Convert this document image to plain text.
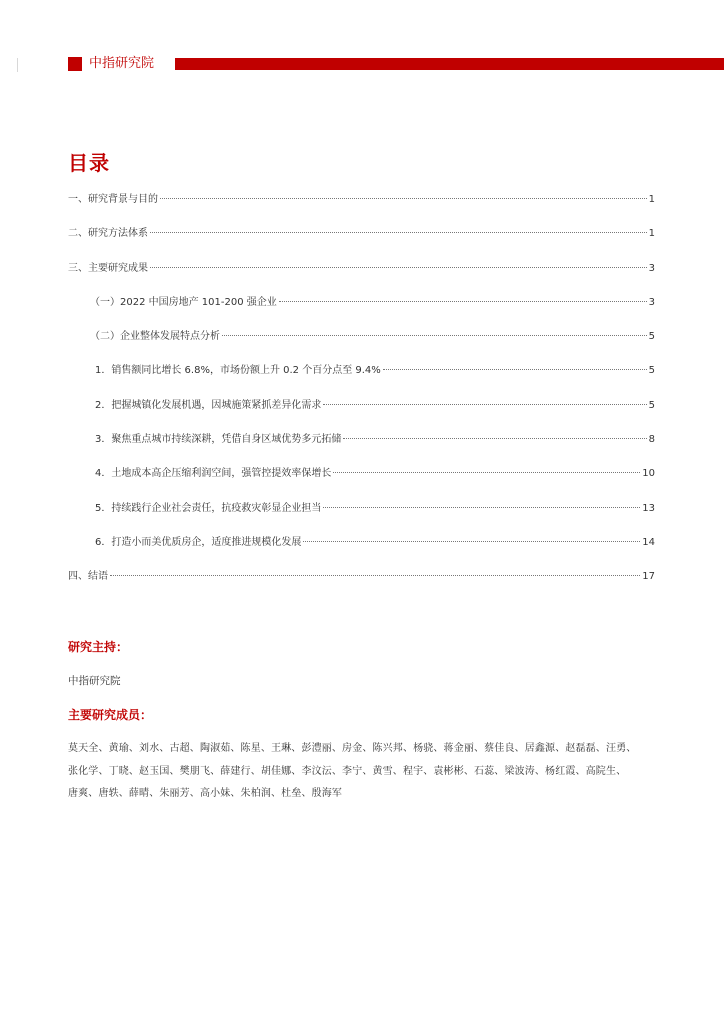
中指研究院
目录
一、研究背景与目的	1
二、研究方法体系	1
三、主要研究成果	3
（一）2022 中国房地产 101-200 强企业	3
（二）企业整体发展特点分析	5
1．销售额同比增长 6.8%，市场份额上升 0.2 个百分点至 9.4%	5
2．把握城镇化发展机遇，因城施策紧抓差异化需求	5
3．聚焦重点城市持续深耕，凭借自身区域优势多元拓储	8
4．土地成本高企压缩利润空间，强管控提效率保增长	10
5．持续践行企业社会责任，抗疫救灾彰显企业担当	13
6．打造小而美优质房企，适度推进规模化发展	14
四、结语	17
研究主持：
中指研究院
主要研究成员：
莫天全、黄瑜、刘水、古超、陶淑茹、陈星、王琳、彭澧丽、房金、陈兴邦、杨骁、蒋金丽、蔡佳良、居鑫源、赵磊磊、汪勇、
张化学、丁晓、赵玉国、樊朋飞、薛建行、胡佳娜、李汶沄、李宁、黄雪、程宇、袁彬彬、石蕊、梁波涛、杨红霞、高院生、
唐爽、唐轶、薛晴、朱丽芳、高小妹、朱柏润、杜垒、殷海军
